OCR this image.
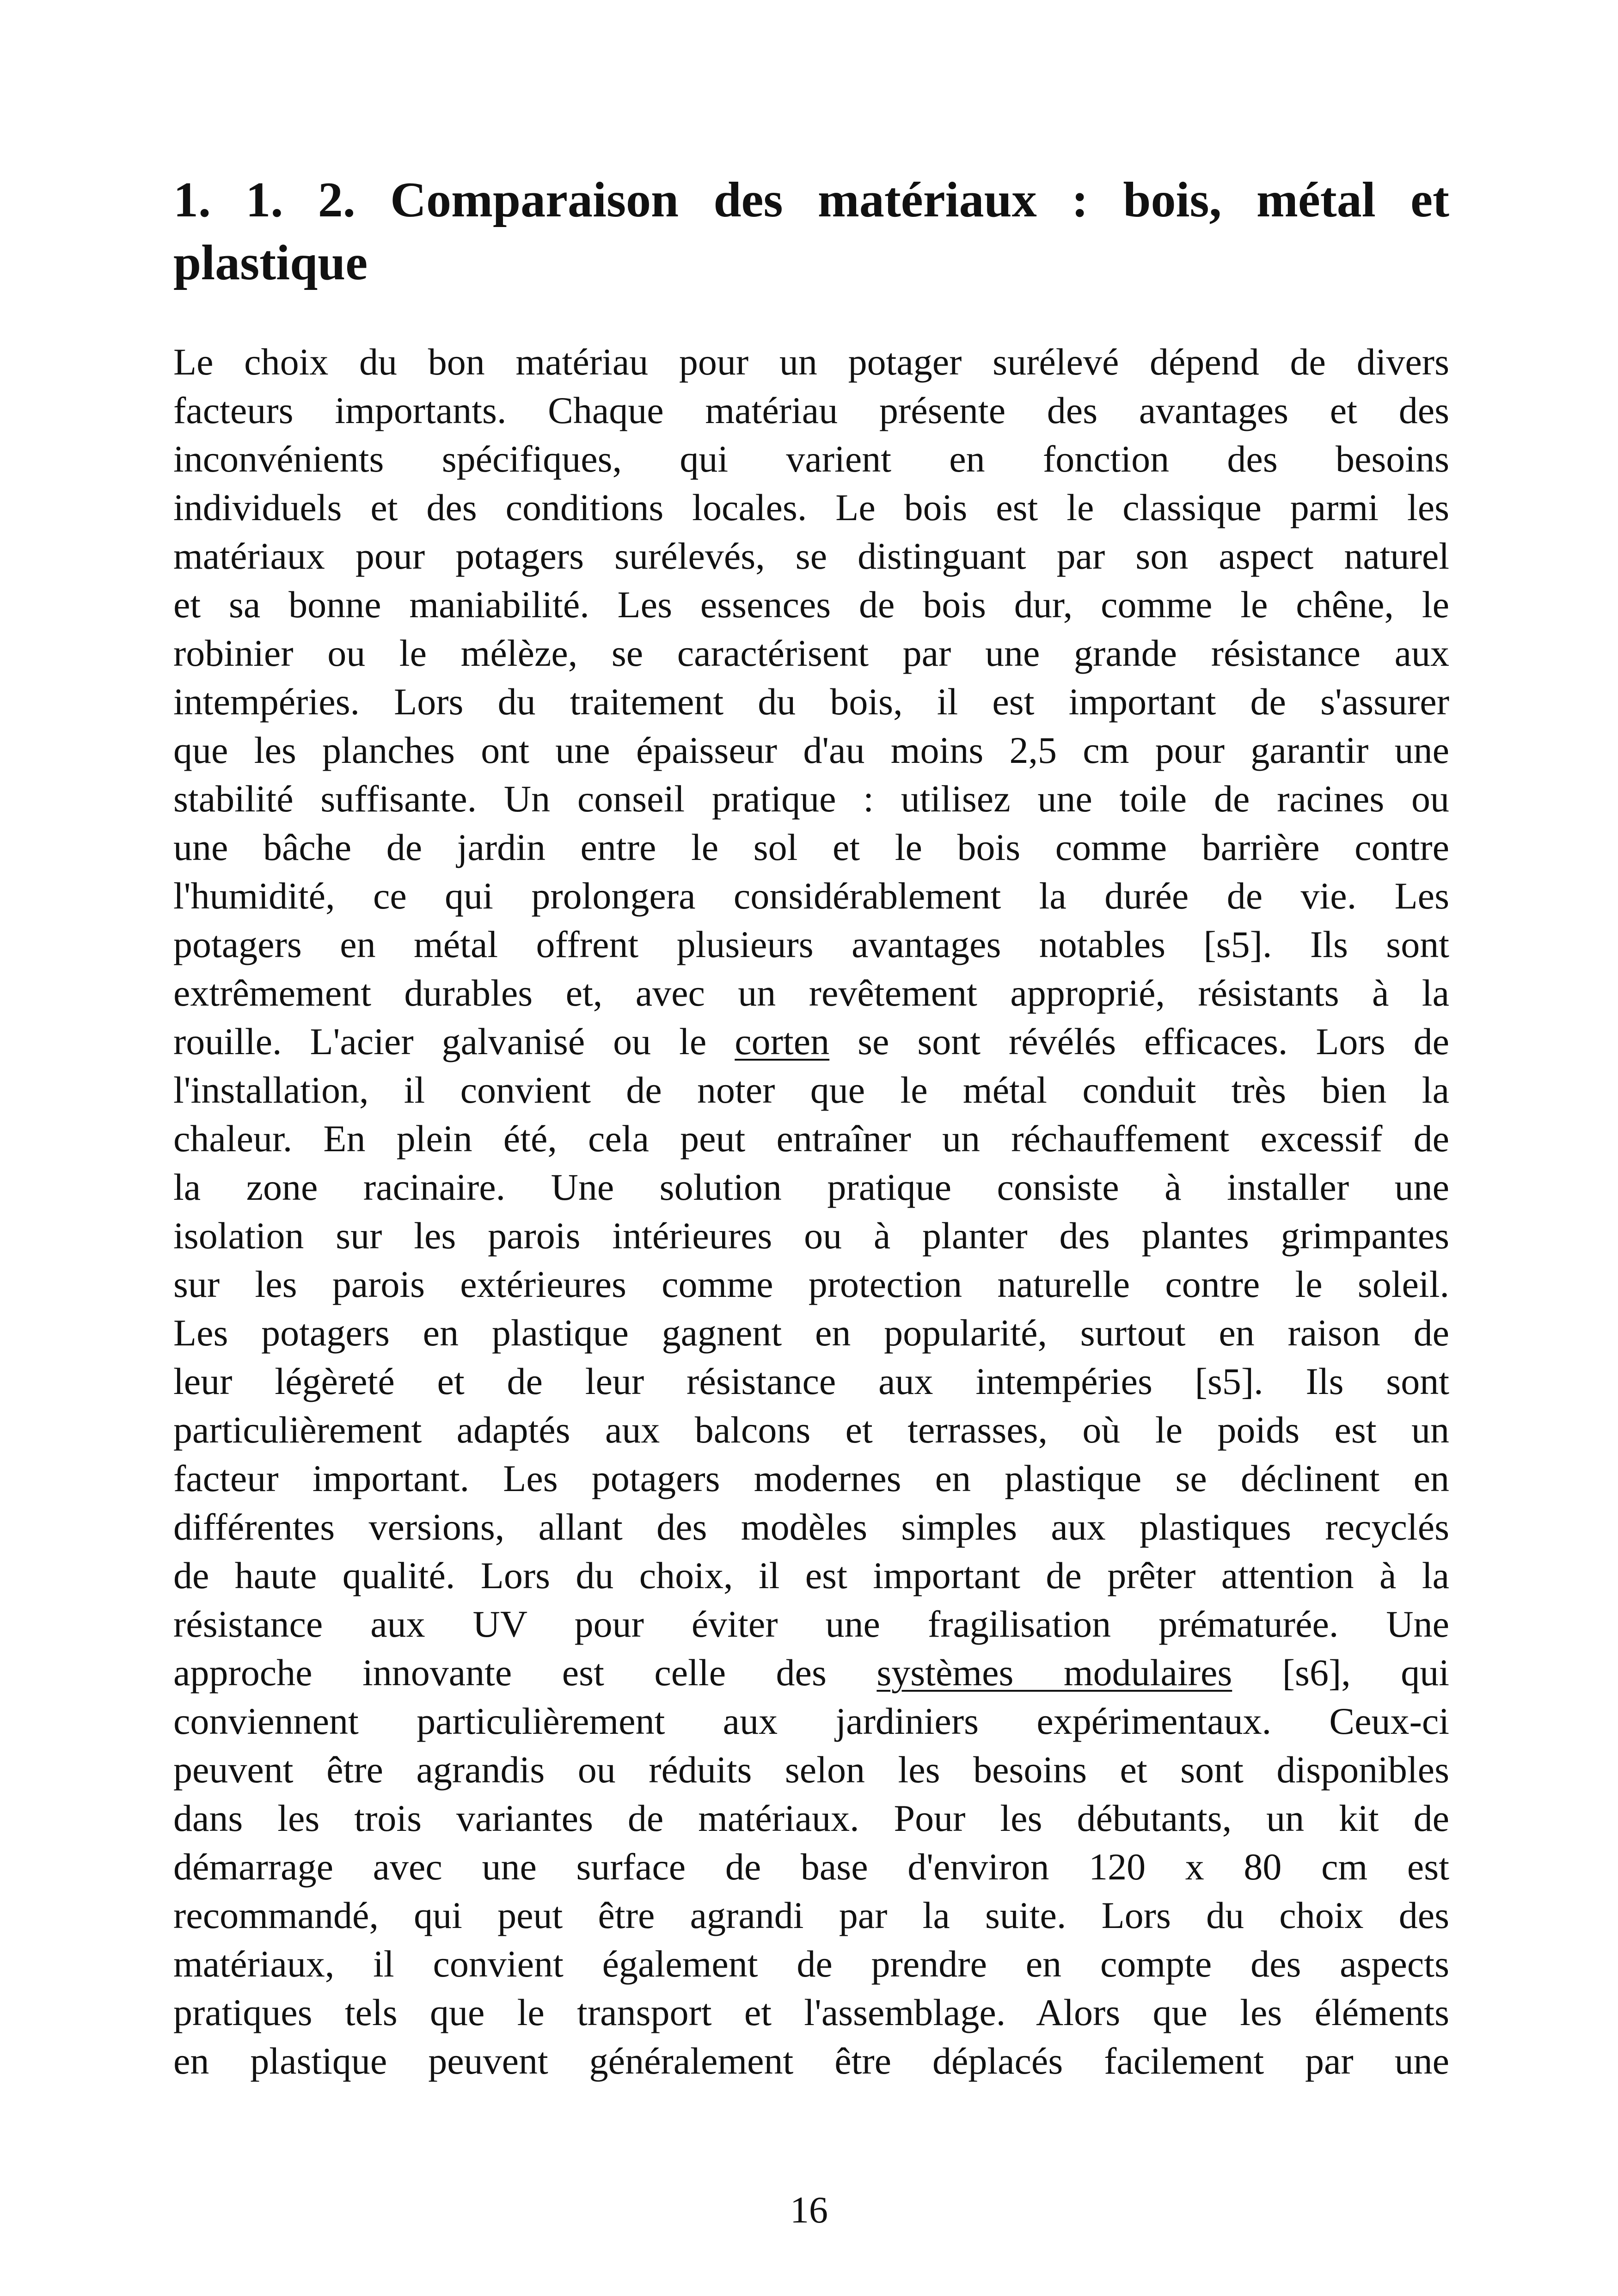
1. 1. 2. Comparaison des matériaux : bois, métal et
plastique
Le choix du bon matériau pour un potager surélevé dépend de divers
facteurs importants. Chaque matériau présente des avantages et des
inconvénients spécifiques, qui varient en fonction des besoins
individuels et des conditions locales. Le bois est le classique parmi les
matériaux pour potagers surélevés, se distinguant par son aspect naturel
et sa bonne maniabilité. Les essences de bois dur, comme le chêne, le
robinier ou le mélèze, se caractérisent par une grande résistance aux
intempéries. Lors du traitement du bois, il est important de s'assurer
que les planches ont une épaisseur d'au moins 2,5 cm pour garantir une
stabilité suffisante. Un conseil pratique : utilisez une toile de racines ou
une bâche de jardin entre le sol et le bois comme barrière contre
l'humidité, ce qui prolongera considérablement la durée de vie. Les
potagers en métal offrent plusieurs avantages notables [s5]. Ils sont
extrêmement durables et, avec un revêtement approprié, résistants à la
rouille. L'acier galvanisé ou le corten se sont révélés efficaces. Lors de
l'installation, il convient de noter que le métal conduit très bien la
chaleur. En plein été, cela peut entraîner un réchauffement excessif de
la zone racinaire. Une solution pratique consiste à installer une
isolation sur les parois intérieures ou à planter des plantes grimpantes
sur les parois extérieures comme protection naturelle contre le soleil.
Les potagers en plastique gagnent en popularité, surtout en raison de
leur légèreté et de leur résistance aux intempéries [s5]. Ils sont
particulièrement adaptés aux balcons et terrasses, où le poids est un
facteur important. Les potagers modernes en plastique se déclinent en
différentes versions, allant des modèles simples aux plastiques recyclés
de haute qualité. Lors du choix, il est important de prêter attention à la
résistance aux UV pour éviter une fragilisation prématurée. Une
approche innovante est celle des systèmes modulaires [s6], qui
conviennent particulièrement aux jardiniers expérimentaux. Ceux-ci
peuvent être agrandis ou réduits selon les besoins et sont disponibles
dans les trois variantes de matériaux. Pour les débutants, un kit de
démarrage avec une surface de base d'environ 120 x 80 cm est
recommandé, qui peut être agrandi par la suite. Lors du choix des
matériaux, il convient également de prendre en compte des aspects
pratiques tels que le transport et l'assemblage. Alors que les éléments
en plastique peuvent généralement être déplacés facilement par une
16
